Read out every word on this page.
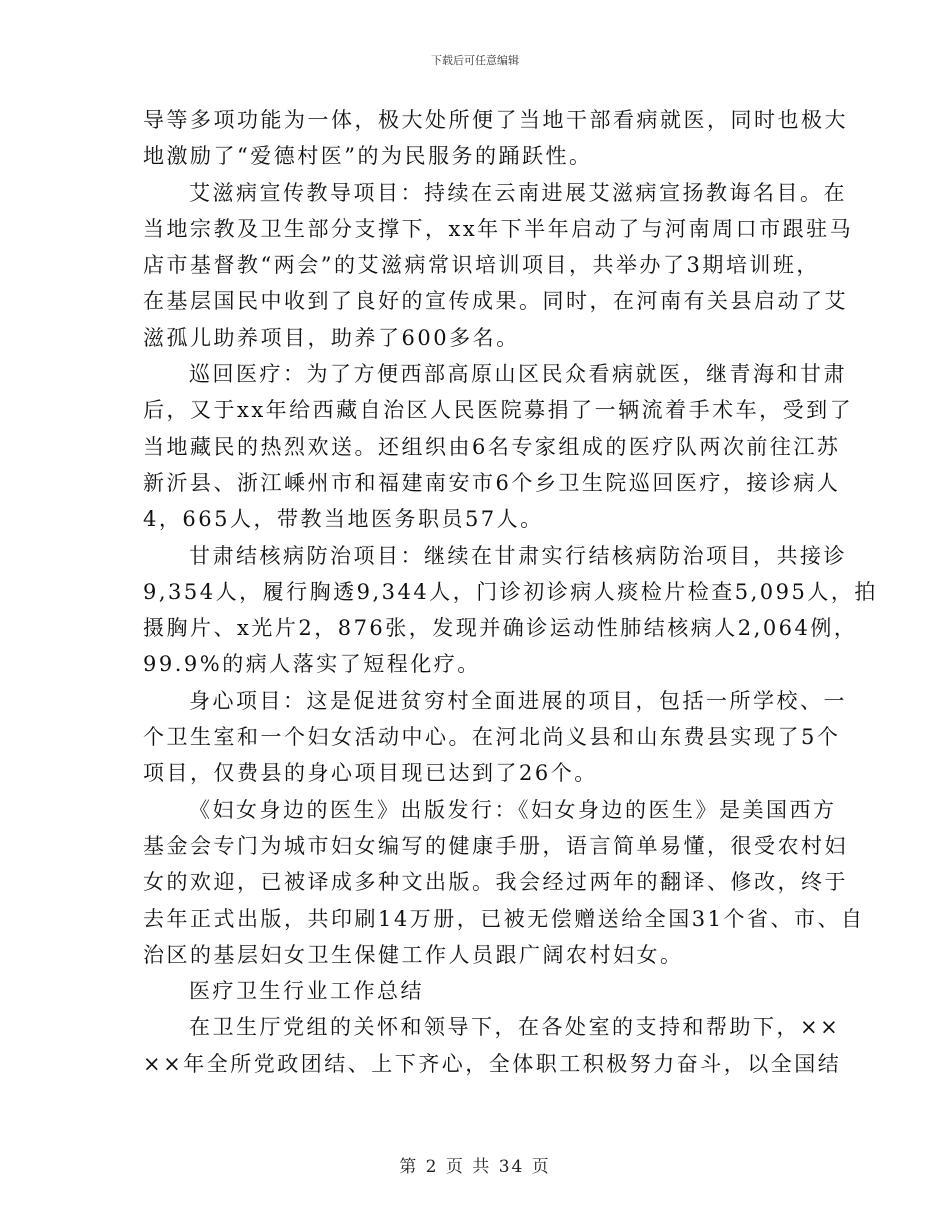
下载后可任意编辑

导等多项功能为一体，极大处所便了当地干部看病就医，同时也极大

地激励了“爱德村医”的为民服务的踊跃性。

艾滋病宣传教导项目：持续在云南进展艾滋病宣扬教诲名目。在

当地宗教及卫生部分支撑下，xx年下半年启动了与河南周口市跟驻马

店市基督教“两会”的艾滋病常识培训项目，共举办了3期培训班，

在基层国民中收到了良好的宣传成果。同时，在河南有关县启动了艾

滋孤儿助养项目，助养了600多名。

巡回医疗：为了方便西部高原山区民众看病就医，继青海和甘肃

后，又于xx年给西藏自治区人民医院募捐了一辆流着手术车，受到了

当地藏民的热烈欢送。还组织由6名专家组成的医疗队两次前往江苏

新沂县、浙江嵊州市和福建南安市6个乡卫生院巡回医疗，接诊病人

4，665人，带教当地医务职员57人。

甘肃结核病防治项目：继续在甘肃实行结核病防治项目，共接诊

9,354人，履行胸透9,344人，门诊初诊病人痰检片检查5,095人，拍

摄胸片、x光片2，876张，发现并确诊运动性肺结核病人2,064例，

99.9%的病人落实了短程化疗。

身心项目：这是促进贫穷村全面进展的项目，包括一所学校、一

个卫生室和一个妇女活动中心。在河北尚义县和山东费县实现了5个

项目，仅费县的身心项目现已达到了26个。

《妇女身边的医生》出版发行：《妇女身边的医生》是美国西方

基金会专门为城市妇女编写的健康手册，语言简单易懂，很受农村妇

女的欢迎，已被译成多种文出版。我会经过两年的翻译、修改，终于

去年正式出版，共印刷14万册，已被无偿赠送给全国31个省、市、自

治区的基层妇女卫生保健工作人员跟广阔农村妇女。

医疗卫生行业工作总结

在卫生厅党组的关怀和领导下，在各处室的支持和帮助下，××

××年全所党政团结、上下齐心，全体职工积极努力奋斗，以全国结

第 2 页 共 34 页
